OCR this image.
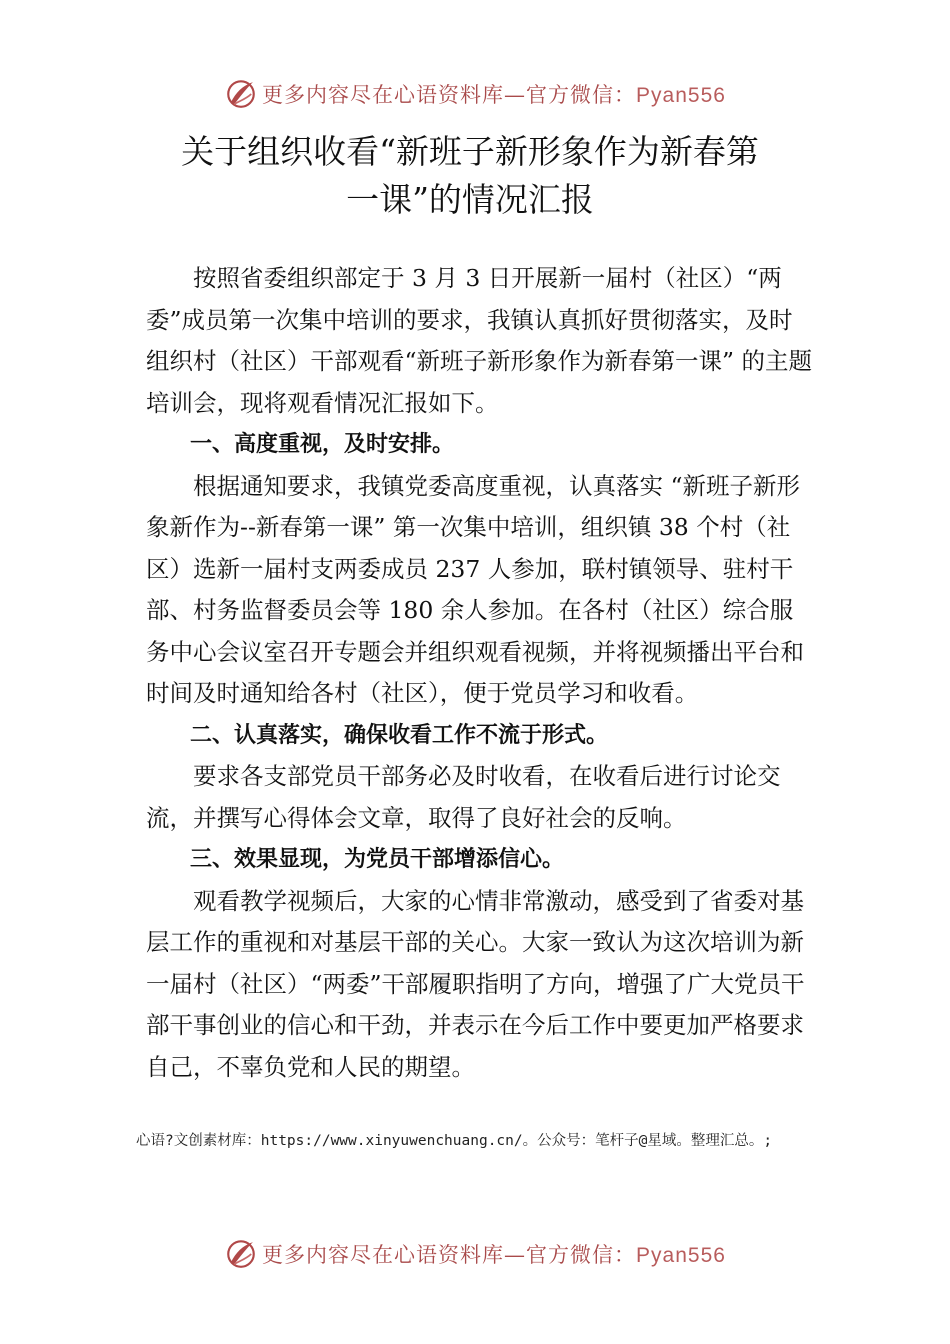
更多内容尽在心语资料库—官方微信：Pyan556
关于组织收看“新班子新形象作为新春第
一课”的情况汇报

按照省委组织部定于 3 月 3 日开展新一届村（社区）“两委”成员第一次集中培训的要求，我镇认真抓好贯彻落实，及时组织村（社区）干部观看“新班子新形象作为新春第一课” 的主题培训会，现将观看情况汇报如下。

一、高度重视，及时安排。

根据通知要求，我镇党委高度重视，认真落实 “新班子新形象新作为--新春第一课” 第一次集中培训，组织镇 38 个村（社区）选新一届村支两委成员 237 人参加，联村镇领导、驻村干部、村务监督委员会等 180 余人参加。在各村（社区）综合服务中心会议室召开专题会并组织观看视频，并将视频播出平台和时间及时通知给各村（社区），便于党员学习和收看。

二、认真落实，确保收看工作不流于形式。

要求各支部党员干部务必及时收看，在收看后进行讨论交流，并撰写心得体会文章，取得了良好社会的反响。

三、效果显现，为党员干部增添信心。

观看教学视频后，大家的心情非常激动，感受到了省委对基层工作的重视和对基层干部的关心。大家一致认为这次培训为新一届村（社区）“两委”干部履职指明了方向，增强了广大党员干部干事创业的信心和干劲，并表示在今后工作中要更加严格要求自己，不辜负党和人民的期望。

心语?文创素材库：https://www.xinyuwenchuang.cn/。公众号：笔杆子@星域。整理汇总。;
更多内容尽在心语资料库—官方微信：Pyan556
